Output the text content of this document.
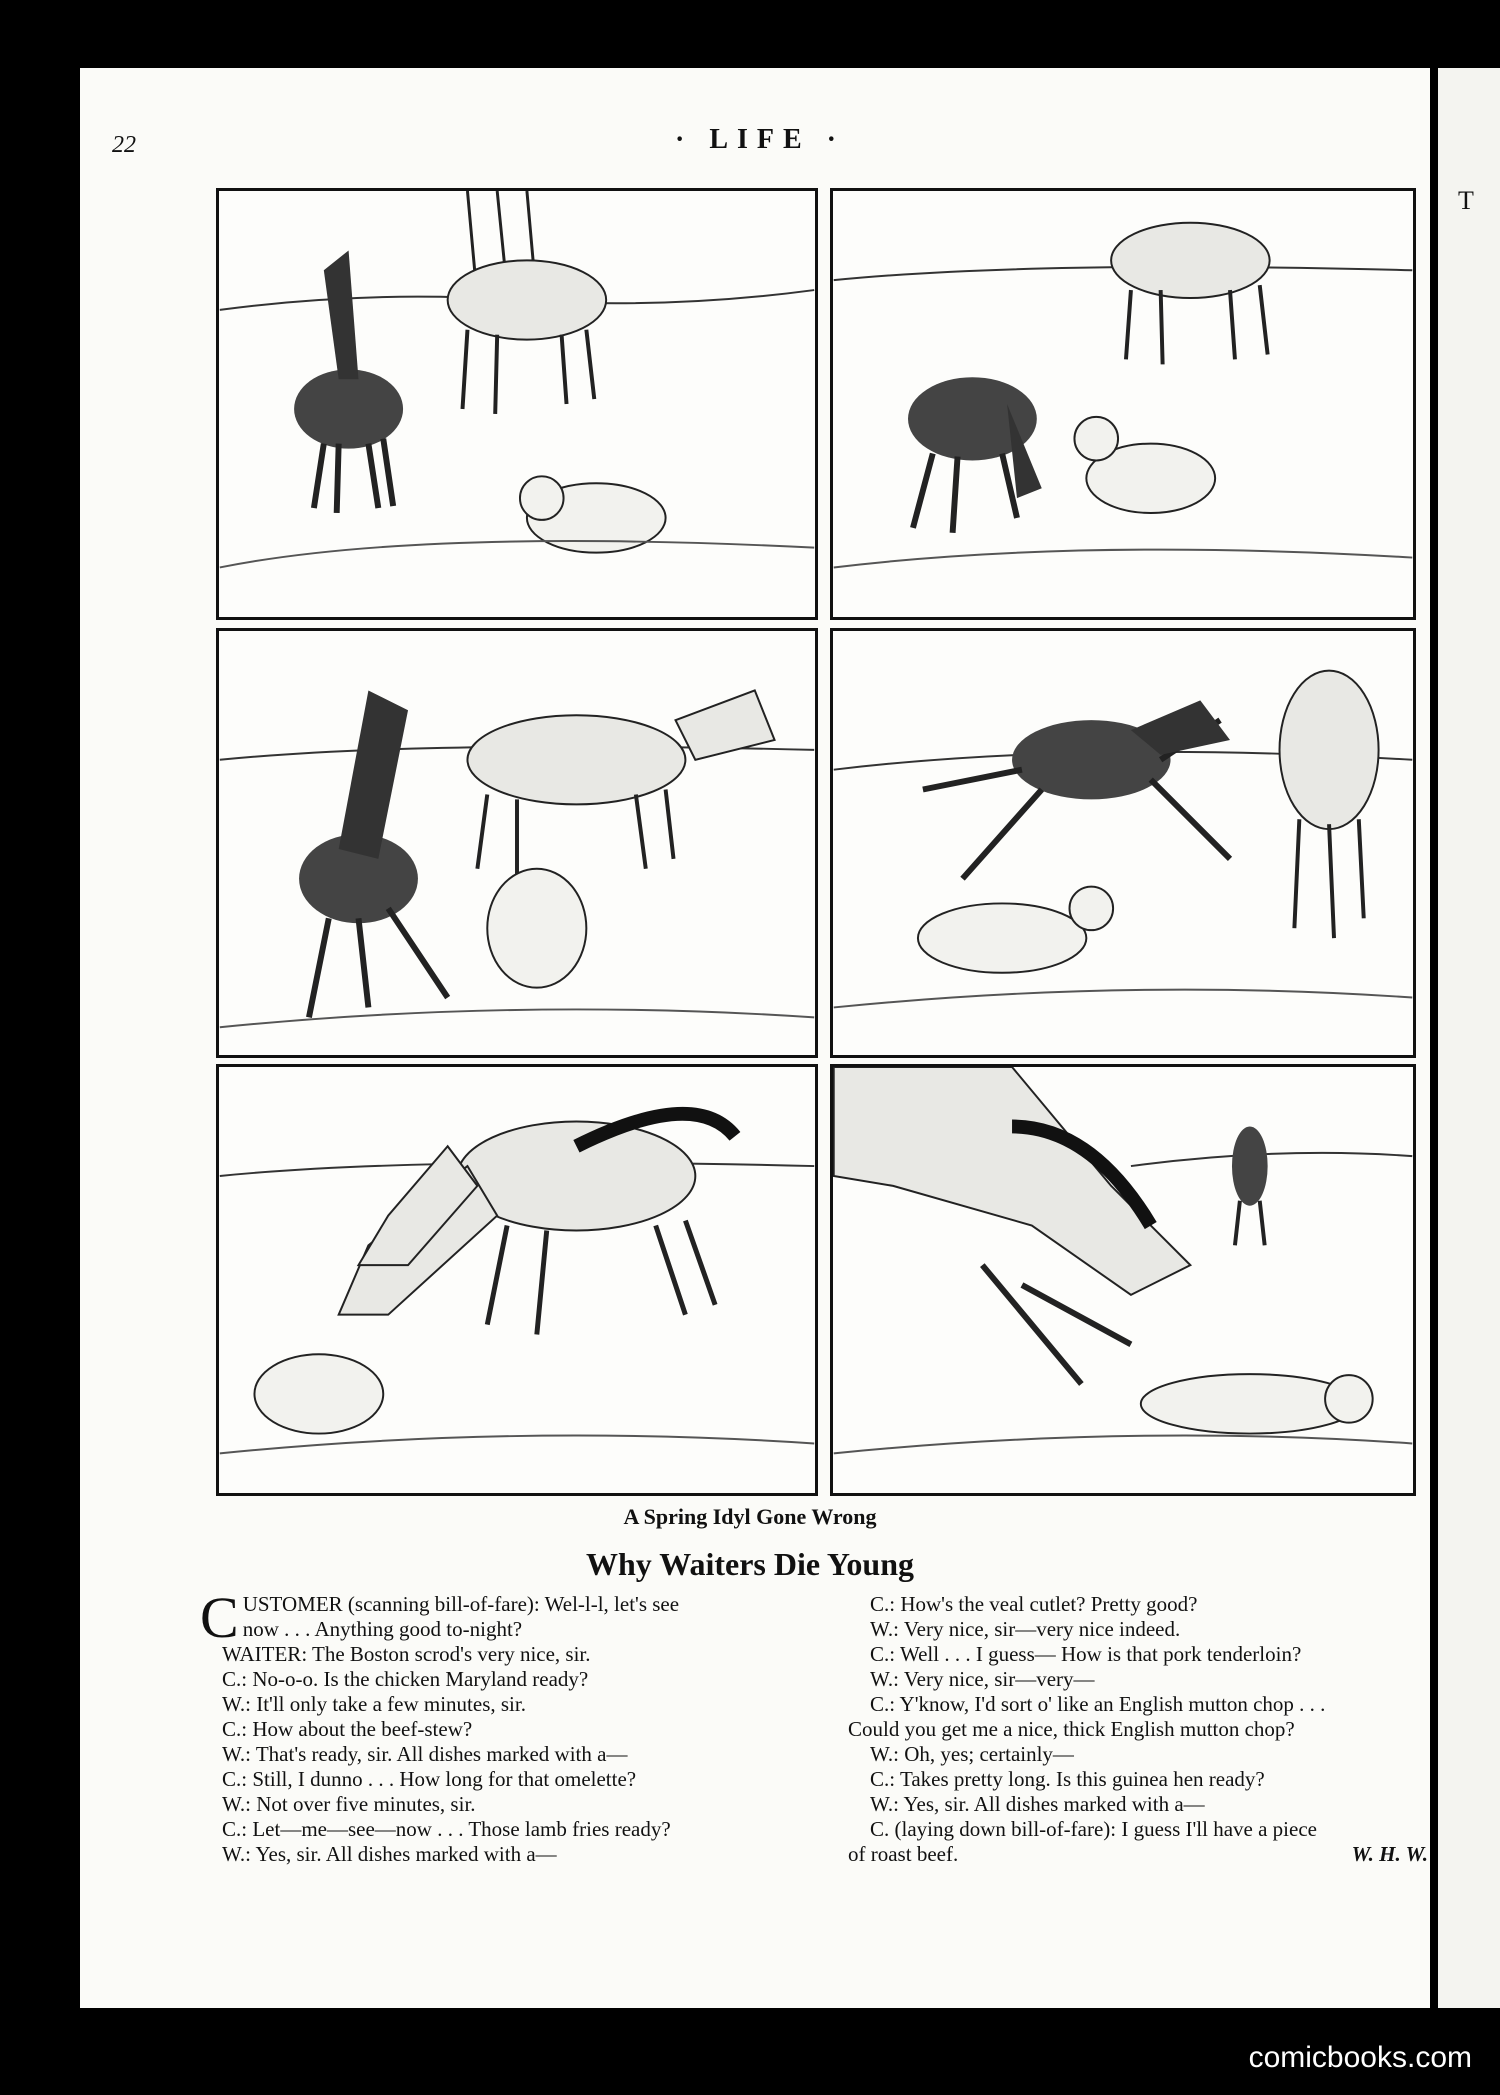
T
22	· LIFE ·
A Spring Idyl Gone Wrong
Why Waiters Die Young
CUSTOMER (scanning bill-of-fare): Wel-l-l, let's see
now . . . Anything good to-night?
WAITER: The Boston scrod's very nice, sir.
C.: No-o-o. Is the chicken Maryland ready?
W.: It'll only take a few minutes, sir.
C.: How about the beef-stew?
W.: That's ready, sir. All dishes marked with a—
C.: Still, I dunno . . . How long for that omelette?
W.: Not over five minutes, sir.
C.: Let—me—see—now . . . Those lamb fries ready?
W.: Yes, sir. All dishes marked with a—
C.: How's the veal cutlet? Pretty good?
W.: Very nice, sir—very nice indeed.
C.: Well . . . I guess— How is that pork tenderloin?
W.: Very nice, sir—very—
C.: Y'know, I'd sort o' like an English mutton chop . . .
Could you get me a nice, thick English mutton chop?
W.: Oh, yes; certainly—
C.: Takes pretty long. Is this guinea hen ready?
W.: Yes, sir. All dishes marked with a—
C. (laying down bill-of-fare): I guess I'll have a piece
of roast beef.	W. H. W.
comicbooks.com
